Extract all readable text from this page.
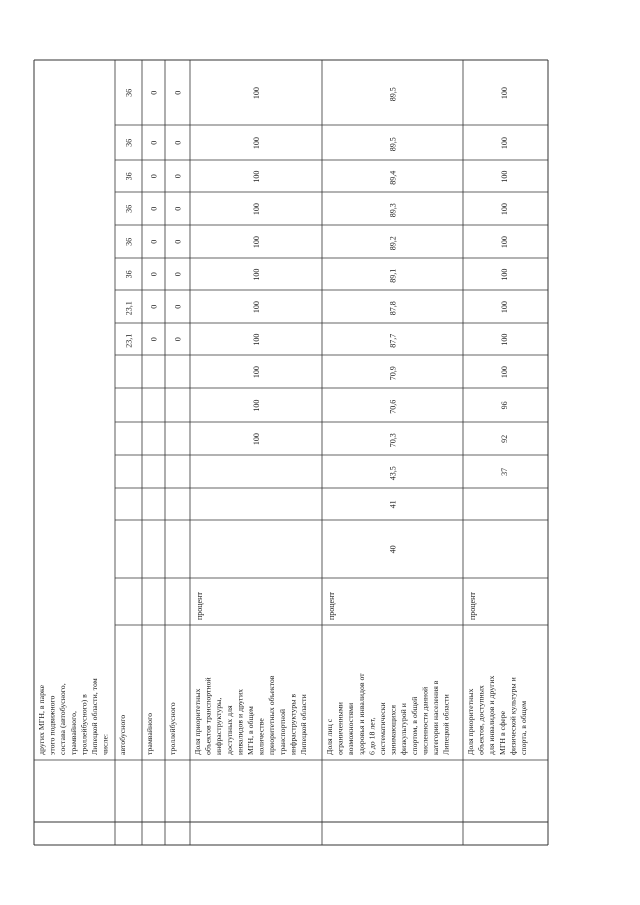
других МГН, в парке этого подвижного состава (автобусного, трамвайного, троллейбусного) в Липецкой области, том числе: автобусного
23,1
23,1
36
36
36
36
36
36
трамвайного
0
0
0
0
0
0
0
0
троллейбусного
0
0
0
0
0
0
0
0
Доля приоритетных объектов транспортной инфраструктуры, доступных для инвалидов и других МГН, в общем количестве приоритетных объектов транспортной инфраструктуры в Липецкой области
процент
100
100
100
100
100
100
100
100
100
100
100
Доля лиц с ограниченными возможностями здоровья и инвалидов от 6 до 18 лет, систематически занимающихся физкультурой и спортом, в общей численности данной категории населения в Липецкой области
процент
40
41
43,5
70,3
70,6
70,9
87,7
87,8
89,1
89,2
89,3
89,4
89,5
89,5
Доля приоритетных объектов, доступных для инвалидов и других МГН в сфере физической культуры и спорта, в общем
процент
37
92
96
100
100
100
100
100
100
100
100
100
